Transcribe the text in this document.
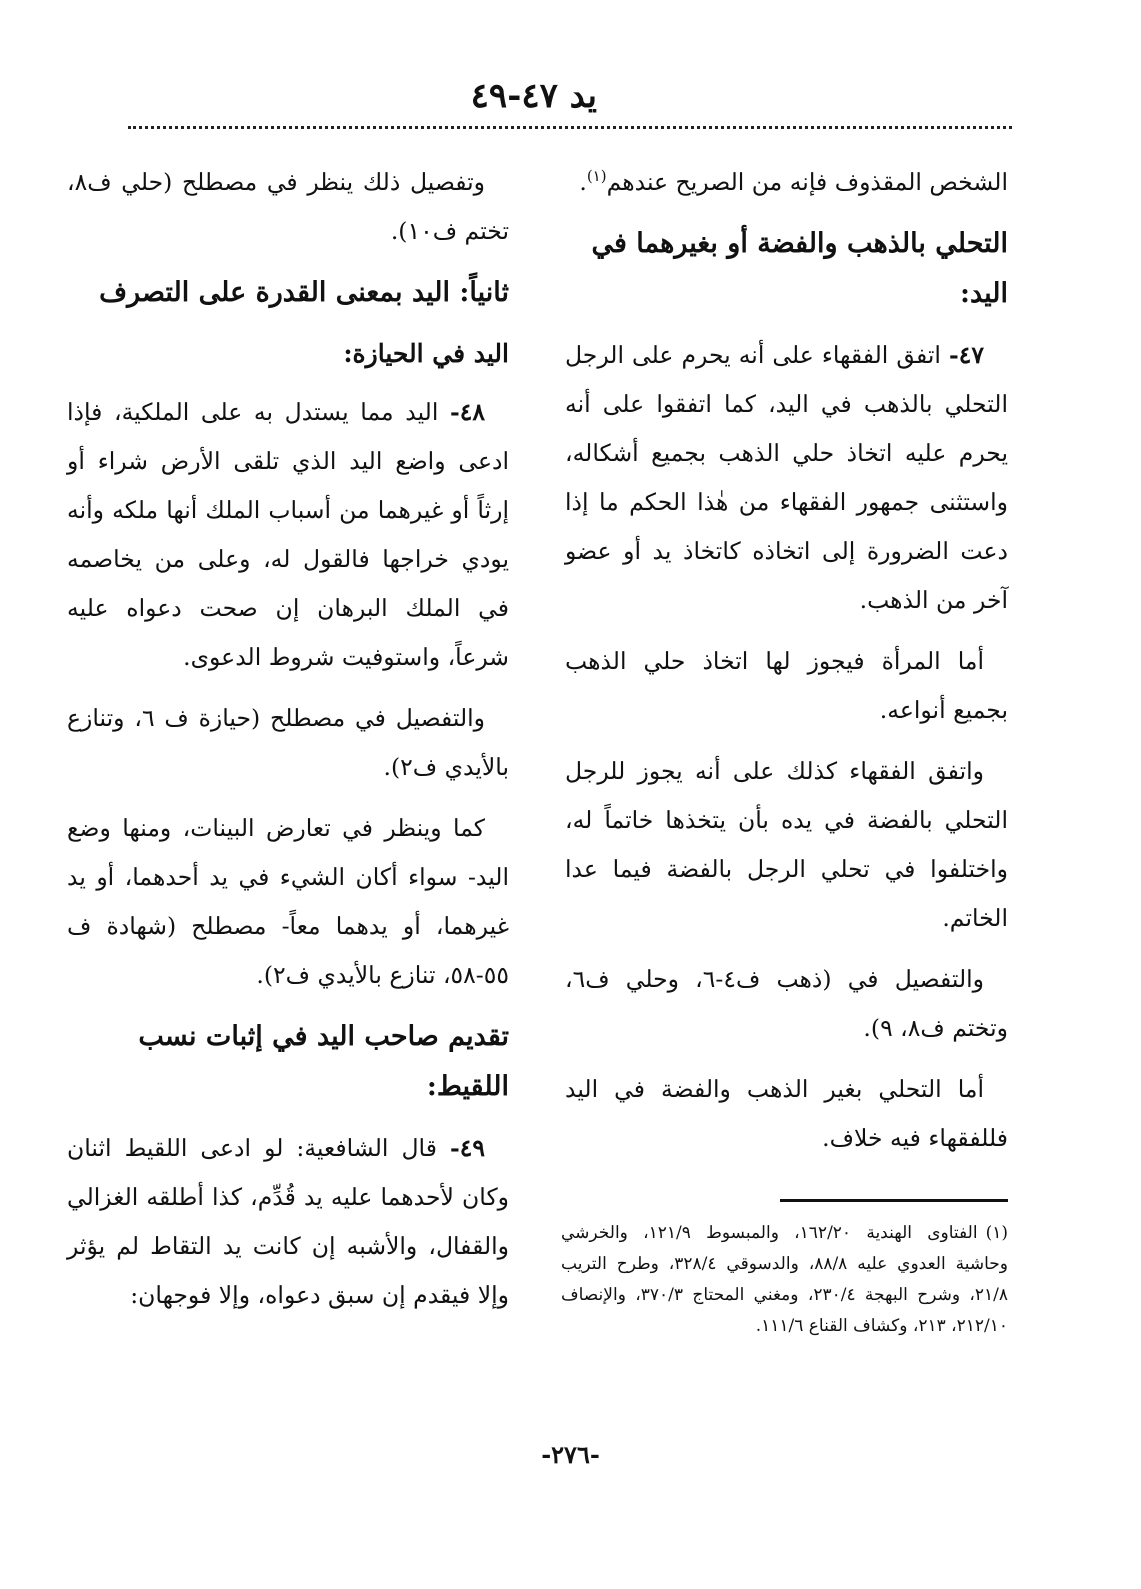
يد ٤٧-٤٩

الشخص المقذوف فإنه من الصريح عندهم$^{(١)}$.

التحلي بالذهب والفضة أو بغيرهما في اليد:

٤٧- اتفق الفقهاء على أنه يحرم على الرجل التحلي بالذهب في اليد، كما اتفقوا على أنه يحرم عليه اتخاذ حلي الذهب بجميع أشكاله، واستثنى جمهور الفقهاء من هٰذا الحكم ما إذا دعت الضرورة إلى اتخاذه كاتخاذ يد أو عضو آخر من الذهب.

أما المرأة فيجوز لها اتخاذ حلي الذهب بجميع أنواعه.

واتفق الفقهاء كذلك على أنه يجوز للرجل التحلي بالفضة في يده بأن يتخذها خاتماً له، واختلفوا في تحلي الرجل بالفضة فيما عدا الخاتم.

والتفصيل في (ذهب ف٤-٦، وحلي ف٦، وتختم ف٨، ٩).

أما التحلي بغير الذهب والفضة في اليد فللفقهاء فيه خلاف.

وتفصيل ذلك ينظر في مصطلح (حلي ف٨، تختم ف١٠).

ثانياً: اليد بمعنى القدرة على التصرف
اليد في الحيازة:

٤٨- اليد مما يستدل به على الملكية، فإذا ادعى واضع اليد الذي تلقى الأرض شراء أو إرثاً أو غيرهما من أسباب الملك أنها ملكه وأنه يودي خراجها فالقول له، وعلى من يخاصمه في الملك البرهان إن صحت دعواه عليه شرعاً، واستوفيت شروط الدعوى.

والتفصيل في مصطلح (حيازة ف ٦، وتنازع بالأيدي ف٢).

كما وينظر في تعارض البينات، ومنها وضع اليد- سواء أكان الشيء في يد أحدهما، أو يد غيرهما، أو يدهما معاً- مصطلح (شهادة ف ٥٥-٥٨، تنازع بالأيدي ف٢).

تقديم صاحب اليد في إثبات نسب اللقيط:

٤٩- قال الشافعية: لو ادعى اللقيط اثنان وكان لأحدهما عليه يد قُدِّم، كذا أطلقه الغزالي والقفال، والأشبه إن كانت يد التقاط لم يؤثر وإلا فيقدم إن سبق دعواه، وإلا فوجهان:

(١)الفتاوى الهندية ١٦٢/٢٠، والمبسوط ١٢١/٩، والخرشي وحاشية العدوي عليه ٨٨/٨، والدسوقي ٣٢٨/٤، وطرح التريب ٢١/٨، وشرح البهجة ٢٣٠/٤، ومغني المحتاج ٣٧٠/٣، والإنصاف ٢١٢/١٠، ٢١٣، وكشاف القناع ١١١/٦.
-٢٧٦-
